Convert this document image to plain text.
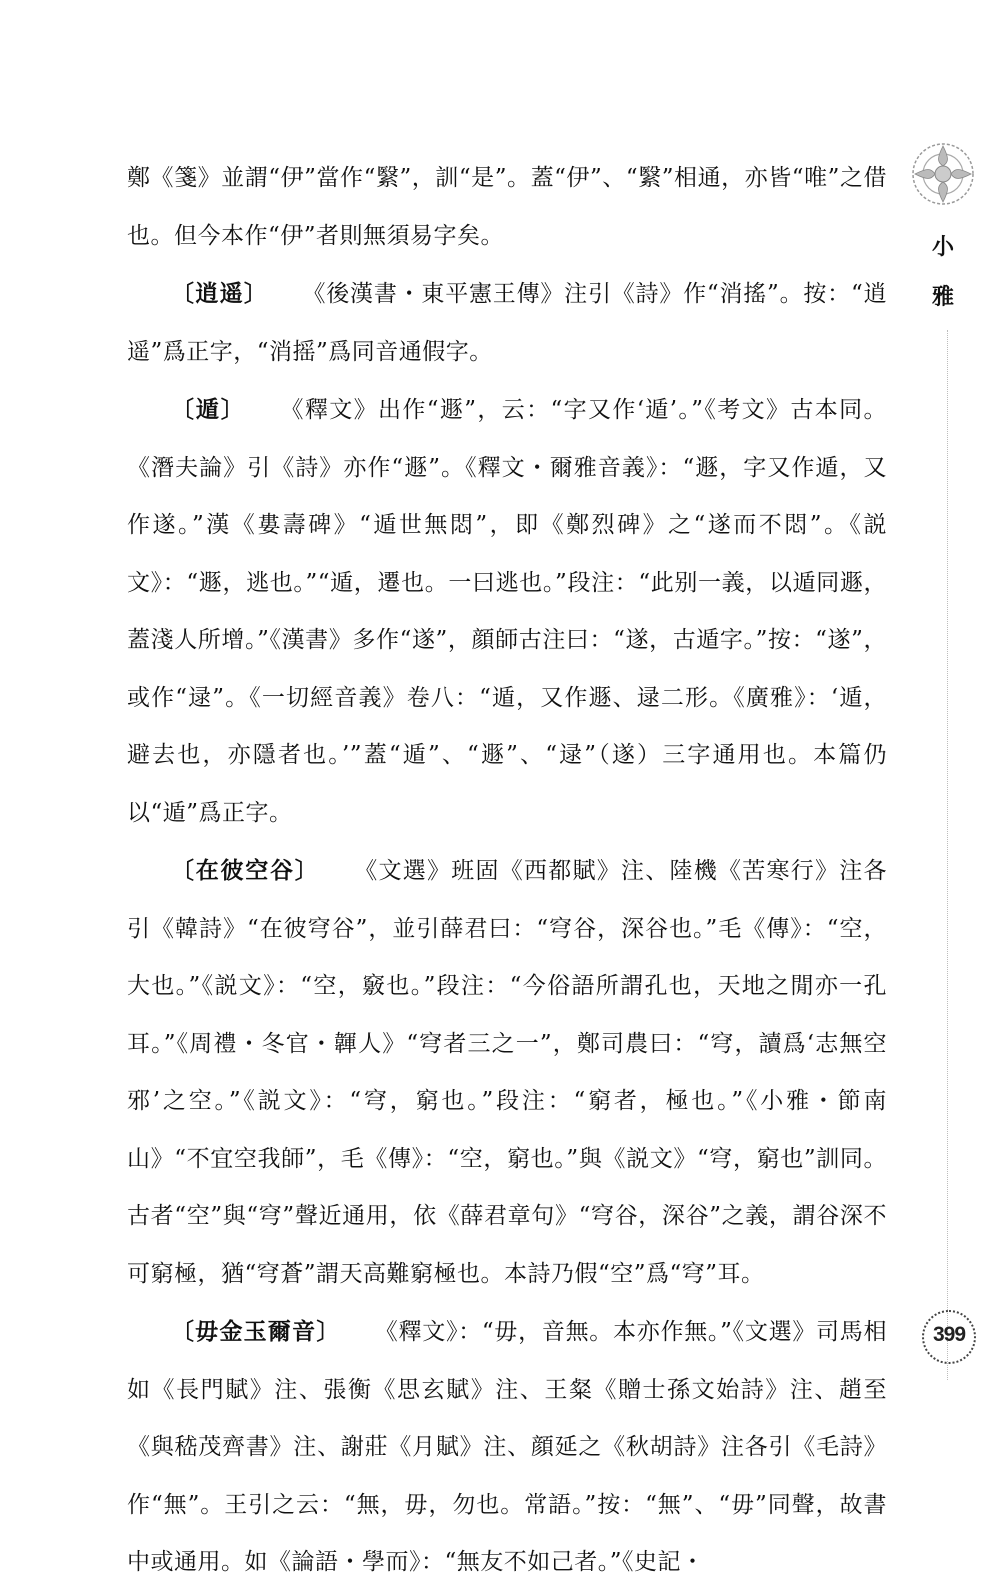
鄭《箋》並謂“伊”當作“繄”，訓“是”。蓋“伊”、“繄”相通，亦皆“唯”之借也。但今本作“伊”者則無須易字矣。

〔逍遥〕 《後漢書・東平憲王傳》注引《詩》作“消搖”。按：“逍遥”爲正字，“消摇”爲同音通假字。

〔遁〕 《釋文》出作“遯”，云：“字又作‘遁’。”《考文》古本同。《潛夫論》引《詩》亦作“遯”。《釋文・爾雅音義》：“遯，字又作遁，又作遂。”漢《婁壽碑》“遁世無悶”，即《鄭烈碑》之“遂而不悶”。《説文》：“遯，逃也。”“遁，遷也。一曰逃也。”段注：“此别一義，以遁同遯，蓋淺人所增。”《漢書》多作“遂”，顔師古注曰：“遂，古遁字。”按：“遂”，或作“逯”。《一切經音義》卷八：“遁，又作遯、逯二形。《廣雅》：‘遁，避去也，亦隱者也。’”蓋“遁”、“遯”、“逯”（遂）三字通用也。本篇仍以“遁”爲正字。

〔在彼空谷〕 《文選》班固《西都賦》注、陸機《苦寒行》注各引《韓詩》“在彼穹谷”，並引薛君曰：“穹谷，深谷也。”毛《傳》：“空，大也。”《説文》：“空，竅也。”段注：“今俗語所謂孔也，天地之閒亦一孔耳。”《周禮・冬官・韗人》“穹者三之一”，鄭司農曰：“穹，讀爲‘志無空邪’之空。”《説文》：“穹，窮也。”段注：“窮者，極也。”《小雅・節南山》“不宜空我師”，毛《傳》：“空，窮也。”與《説文》“穹，窮也”訓同。古者“空”與“穹”聲近通用，依《薛君章句》“穹谷，深谷”之義，謂谷深不可窮極，猶“穹蒼”謂天高難窮極也。本詩乃假“空”爲“穹”耳。

〔毋金玉爾音〕 《釋文》：“毋，音無。本亦作無。”《文選》司馬相如《長門賦》注、張衡《思玄賦》注、王粲《贈士孫文始詩》注、趙至《與嵇茂齊書》注、謝莊《月賦》注、顔延之《秋胡詩》注各引《毛詩》作“無”。王引之云：“無，毋，勿也。常語。”按：“無”、“毋”同聲，故書中或通用。如《論語・學而》：“無友不如己者。”《史記・

小
雅
399
